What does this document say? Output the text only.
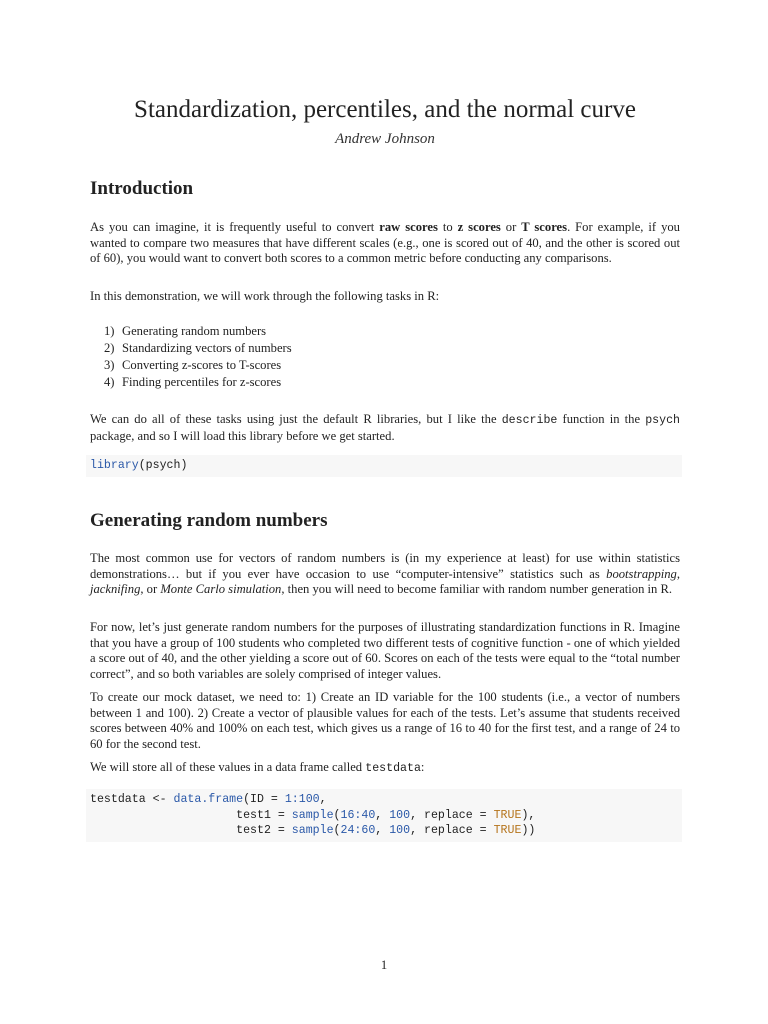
Standardization, percentiles, and the normal curve
Andrew Johnson
Introduction

As you can imagine, it is frequently useful to convert raw scores to z scores or T scores. For example, if you wanted to compare two measures that have different scales (e.g., one is scored out of 40, and the other is scored out of 60), you would want to convert both scores to a common metric before conducting any comparisons.

In this demonstration, we will work through the following tasks in R:

1) Generating random numbers
2) Standardizing vectors of numbers
3) Converting z-scores to T-scores
4) Finding percentiles for z-scores

We can do all of these tasks using just the default R libraries, but I like the describe function in the psych package, and so I will load this library before we get started.

library(psych)
Generating random numbers

The most common use for vectors of random numbers is (in my experience at least) for use within statistics demonstrations… but if you ever have occasion to use “computer-intensive” statistics such as bootstrapping, jacknifing, or Monte Carlo simulation, then you will need to become familiar with random number generation in R.

For now, let’s just generate random numbers for the purposes of illustrating standardization functions in R. Imagine that you have a group of 100 students who completed two different tests of cognitive function - one of which yielded a score out of 40, and the other yielding a score out of 60. Scores on each of the tests were equal to the “total number correct”, and so both variables are solely comprised of integer values.

To create our mock dataset, we need to: 1) Create an ID variable for the 100 students (i.e., a vector of numbers between 1 and 100). 2) Create a vector of plausible values for each of the tests. Let’s assume that students received scores between 40% and 100% on each test, which gives us a range of 16 to 40 for the first test, and a range of 24 to 60 for the second test.

We will store all of these values in a data frame called testdata:

testdata <- data.frame(ID = 1:100,
test1 = sample(16:40, 100, replace = TRUE),
test2 = sample(24:60, 100, replace = TRUE))
1
